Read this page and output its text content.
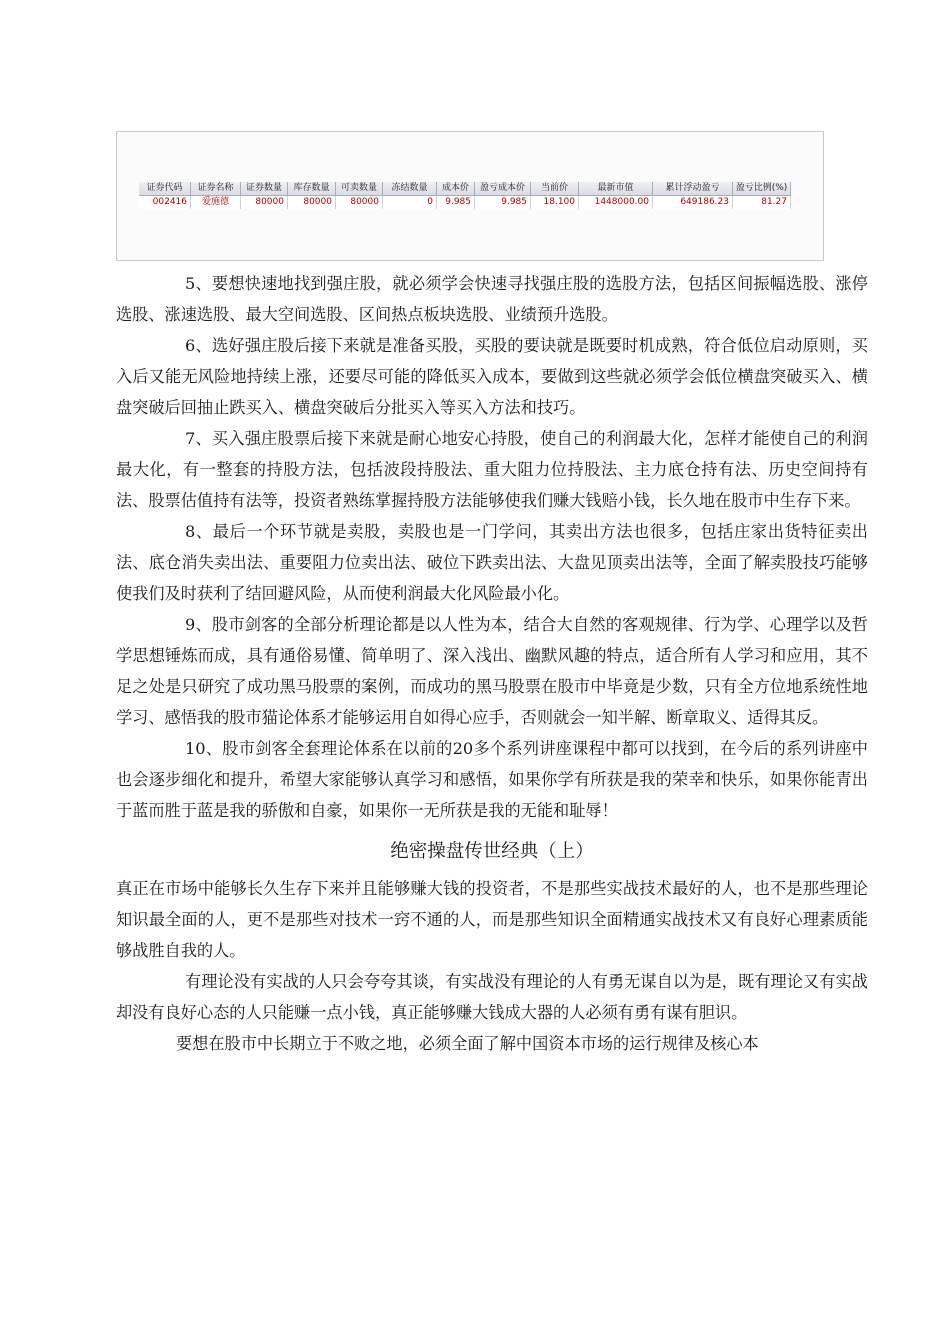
证券代码	证券名称	证券数量	库存数量	可卖数量	冻结数量	成本价	盈亏成本价	当前价	最新市值	累计浮动盈亏	盈亏比例(%)
002416	爱施德	80000	80000	80000	0	9.985	9.985	18.100	1448000.00	649186.23	81.27

5、要想快速地找到强庄股，就必须学会快速寻找强庄股的选股方法，包括区间振幅选股、涨停选股、涨速选股、最大空间选股、区间热点板块选股、业绩预升选股。

6、选好强庄股后接下来就是准备买股，买股的要诀就是既要时机成熟，符合低位启动原则，买入后又能无风险地持续上涨，还要尽可能的降低买入成本，要做到这些就必须学会低位横盘突破买入、横盘突破后回抽止跌买入、横盘突破后分批买入等买入方法和技巧。

7、买入强庄股票后接下来就是耐心地安心持股，使自己的利润最大化，怎样才能使自己的利润最大化，有一整套的持股方法，包括波段持股法、重大阻力位持股法、主力底仓持有法、历史空间持有法、股票估值持有法等，投资者熟练掌握持股方法能够使我们赚大钱赔小钱，长久地在股市中生存下来。

8、最后一个环节就是卖股，卖股也是一门学问，其卖出方法也很多，包括庄家出货特征卖出法、底仓消失卖出法、重要阻力位卖出法、破位下跌卖出法、大盘见顶卖出法等，全面了解卖股技巧能够使我们及时获利了结回避风险，从而使利润最大化风险最小化。

9、股市剑客的全部分析理论都是以人性为本，结合大自然的客观规律、行为学、心理学以及哲学思想锤炼而成，具有通俗易懂、简单明了、深入浅出、幽默风趣的特点，适合所有人学习和应用，其不足之处是只研究了成功黑马股票的案例，而成功的黑马股票在股市中毕竟是少数，只有全方位地系统性地学习、感悟我的股市猫论体系才能够运用自如得心应手，否则就会一知半解、断章取义、适得其反。

10、股市剑客全套理论体系在以前的20多个系列讲座课程中都可以找到，在今后的系列讲座中也会逐步细化和提升，希望大家能够认真学习和感悟，如果你学有所获是我的荣幸和快乐，如果你能青出于蓝而胜于蓝是我的骄傲和自豪，如果你一无所获是我的无能和耻辱！

绝密操盘传世经典（上）

真正在市场中能够长久生存下来并且能够赚大钱的投资者，不是那些实战技术最好的人，也不是那些理论知识最全面的人，更不是那些对技术一窍不通的人，而是那些知识全面精通实战技术又有良好心理素质能够战胜自我的人。

有理论没有实战的人只会夸夸其谈，有实战没有理论的人有勇无谋自以为是，既有理论又有实战却没有良好心态的人只能赚一点小钱，真正能够赚大钱成大器的人必须有勇有谋有胆识。

要想在股市中长期立于不败之地，必须全面了解中国资本市场的运行规律及核心本
